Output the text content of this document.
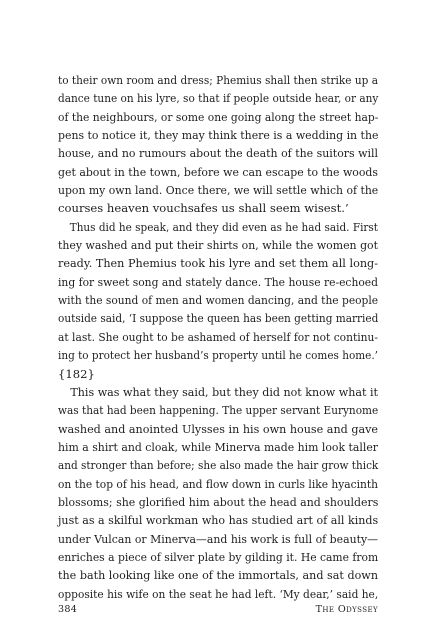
to their own room and dress; Phemius shall then strike up a
dance tune on his lyre, so that if people outside hear, or any
of the neighbours, or some one going along the street hap-
pens to notice it, they may think there is a wedding in the
house, and no rumours about the death of the suitors will
get about in the town, before we can escape to the woods
upon my own land. Once there, we will settle which of the
courses heaven vouchsafes us shall seem wisest.’
Thus did he speak, and they did even as he had said. First
they washed and put their shirts on, while the women got
ready. Then Phemius took his lyre and set them all long-
ing for sweet song and stately dance. The house re-echoed
with the sound of men and women dancing, and the people
outside said, ‘I suppose the queen has been getting married
at last. She ought to be ashamed of herself for not continu-
ing to protect her husband’s property until he comes home.’
{182}
This was what they said, but they did not know what it
was that had been happening. The upper servant Eurynome
washed and anointed Ulysses in his own house and gave
him a shirt and cloak, while Minerva made him look taller
and stronger than before; she also made the hair grow thick
on the top of his head, and flow down in curls like hyacinth
blossoms; she glorified him about the head and shoulders
just as a skilful workman who has studied art of all kinds
under Vulcan or Minerva—and his work is full of beauty—
enriches a piece of silver plate by gilding it. He came from
the bath looking like one of the immortals, and sat down
opposite his wife on the seat he had left. ‘My dear,’ said he,
384	The Odyssey
